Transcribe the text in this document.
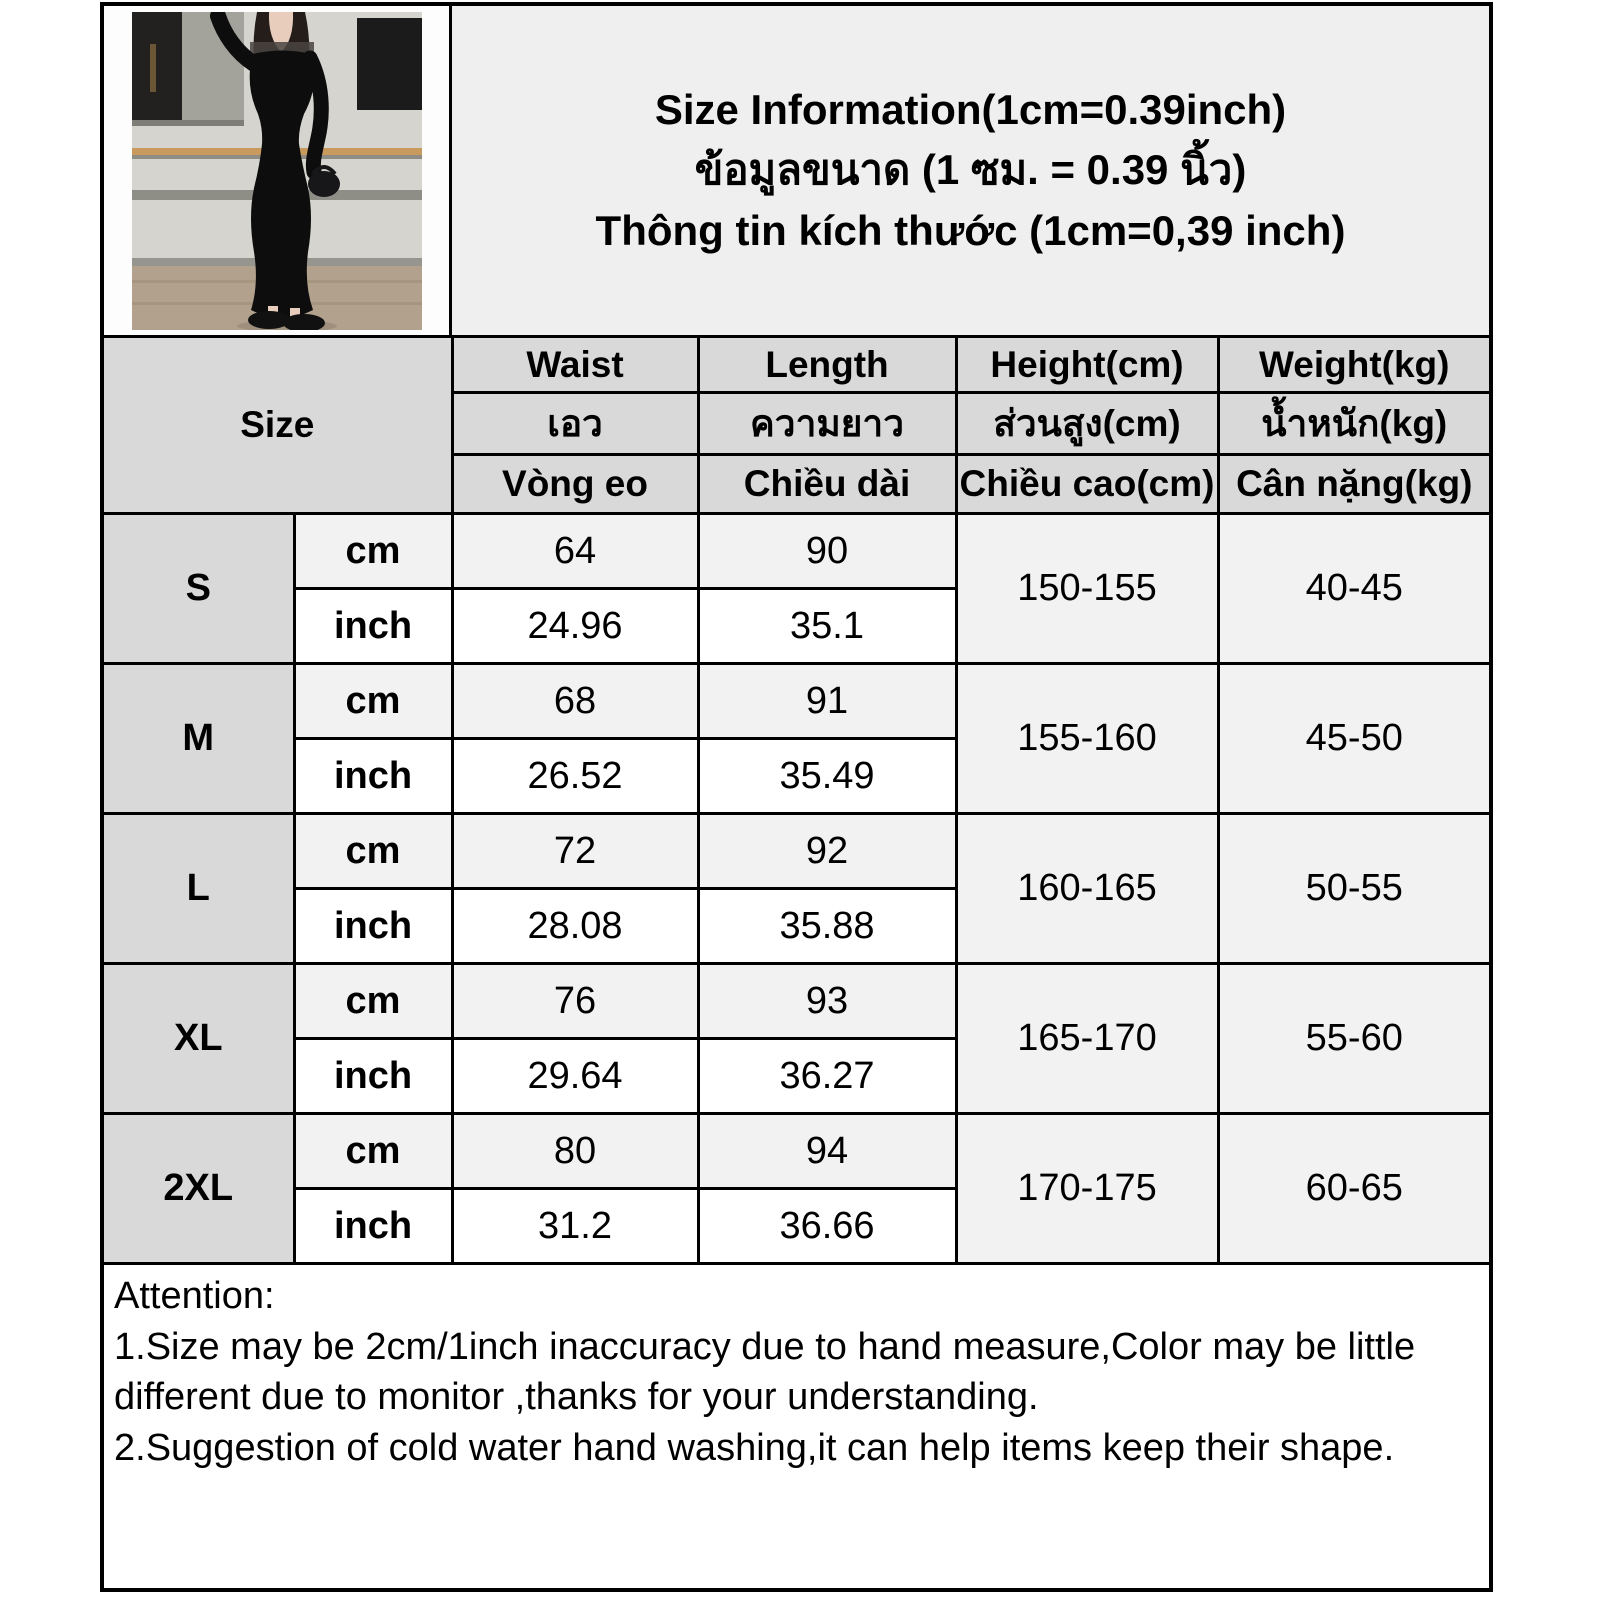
Size Information(1cm=0.39inch)
ข้อมูลขนาด (1 ซม. = 0.39 นิ้ว)
Thông tin kích thước (1cm=0,39 inch)
Size		Waist	Length	Height(cm)	Weight(kg)
		เอว	ความยาว	ส่วนสูง(cm)	น้ำหนัก(kg)
		Vòng eo	Chiều dài	Chiều cao(cm)	Cân nặng(kg)
S	cm	64	90	150-155	40-45
	inch	24.96	35.1		
M	cm	68	91	155-160	45-50
	inch	26.52	35.49		
L	cm	72	92	160-165	50-55
	inch	28.08	35.88		
XL	cm	76	93	165-170	55-60
	inch	29.64	36.27		
2XL	cm	80	94	170-175	60-65
	inch	31.2	36.66		
Attention:
1.Size may be 2cm/1inch inaccuracy due to hand measure,Color may be little different due to monitor ,thanks for your understanding.
2.Suggestion of cold water hand washing,it can help items keep their shape.
